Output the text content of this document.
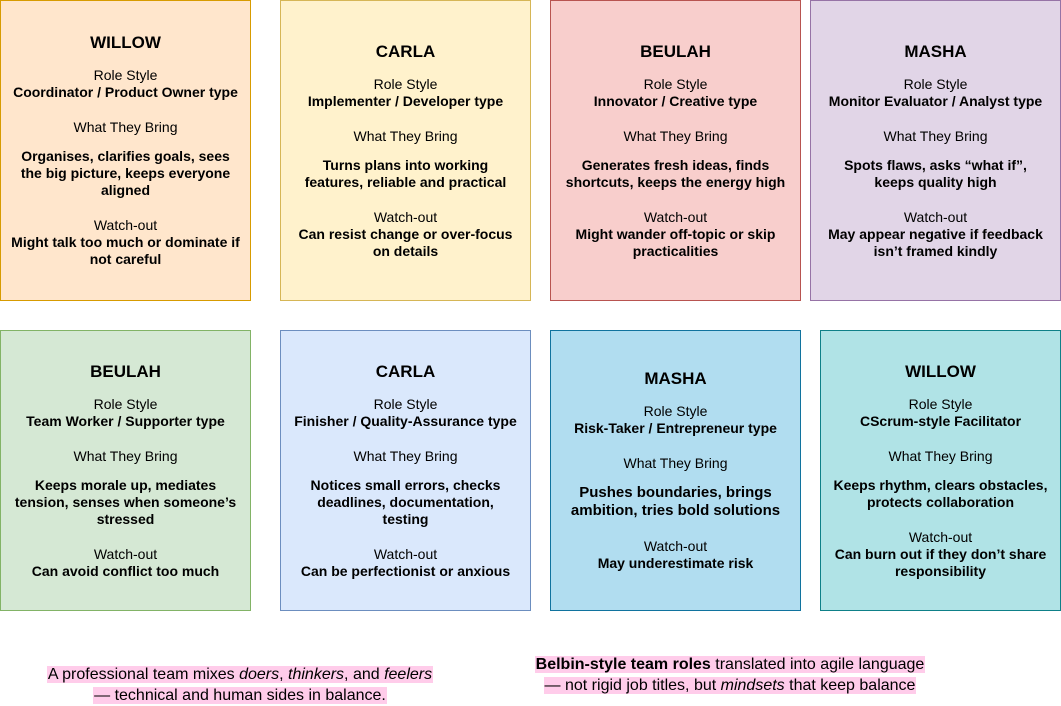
WILLOW
Role Style
Coordinator / Product Owner type
What They Bring
Organises, clarifies goals, sees the big picture, keeps everyone aligned
Watch-out
Might talk too much or dominate if not careful
CARLA
Role Style
Implementer / Developer type
What They Bring
Turns plans into working features, reliable and practical
Watch-out
Can resist change or over-focus on details
BEULAH
Role Style
Innovator / Creative type
What They Bring
Generates fresh ideas, finds shortcuts, keeps the energy high
Watch-out
Might wander off-topic or skip practicalities
MASHA
Role Style
Monitor Evaluator / Analyst type
What They Bring
Spots flaws, asks “what if”, keeps quality high
Watch-out
May appear negative if feedback isn’t framed kindly
BEULAH
Role Style
Team Worker / Supporter type
What They Bring
Keeps morale up, mediates tension, senses when someone’s stressed
Watch-out
Can avoid conflict too much
CARLA
Role Style
Finisher / Quality-Assurance type
What They Bring
Notices small errors, checks deadlines, documentation, testing
Watch-out
Can be perfectionist or anxious
MASHA
Role Style
Risk-Taker / Entrepreneur type
What They Bring
Pushes boundaries, brings ambition, tries bold solutions
Watch-out
May underestimate risk
WILLOW
Role Style
CScrum-style Facilitator
What They Bring
Keeps rhythm, clears obstacles, protects collaboration
Watch-out
Can burn out if they don’t share responsibility
A professional team mixes doers, thinkers, and feelers
— technical and human sides in balance.
Belbin-style team roles translated into agile language
— not rigid job titles, but mindsets that keep balance
